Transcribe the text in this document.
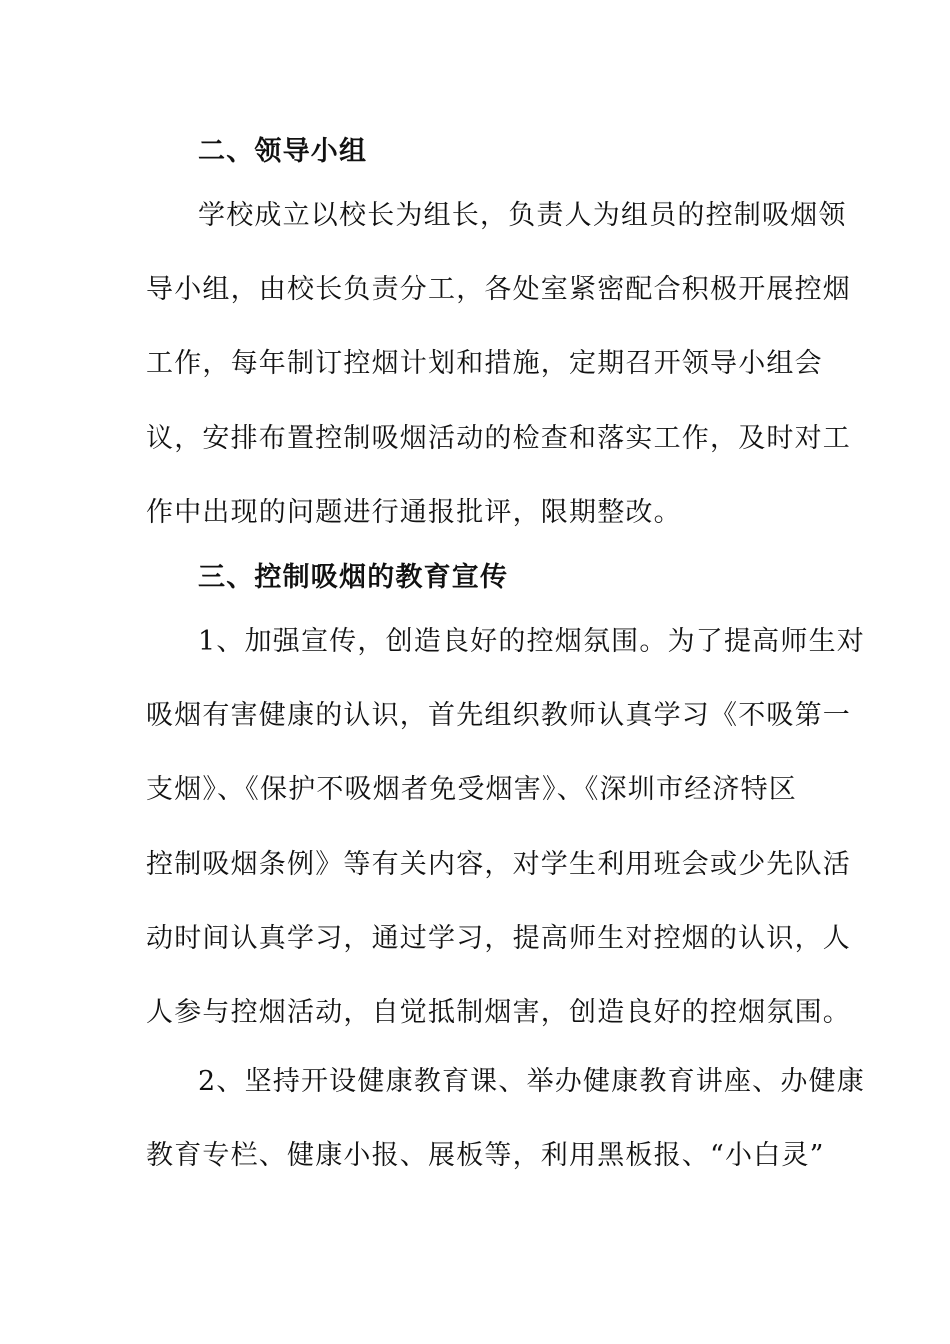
二、领导小组
学校成立以校长为组长，负责人为组员的控制吸烟领
导小组，由校长负责分工，各处室紧密配合积极开展控烟
工作，每年制订控烟计划和措施，定期召开领导小组会
议，安排布置控制吸烟活动的检查和落实工作，及时对工
作中出现的问题进行通报批评，限期整改。
三、控制吸烟的教育宣传
1、加强宣传，创造良好的控烟氛围。为了提高师生对
吸烟有害健康的认识，首先组织教师认真学习《不吸第一
支烟》、《保护不吸烟者免受烟害》、《深圳市经济特区
控制吸烟条例》等有关内容，对学生利用班会或少先队活
动时间认真学习，通过学习，提高师生对控烟的认识，人
人参与控烟活动，自觉抵制烟害，创造良好的控烟氛围。
2、坚持开设健康教育课、举办健康教育讲座、办健康
教育专栏、健康小报、展板等，利用黑板报、“小白灵”
